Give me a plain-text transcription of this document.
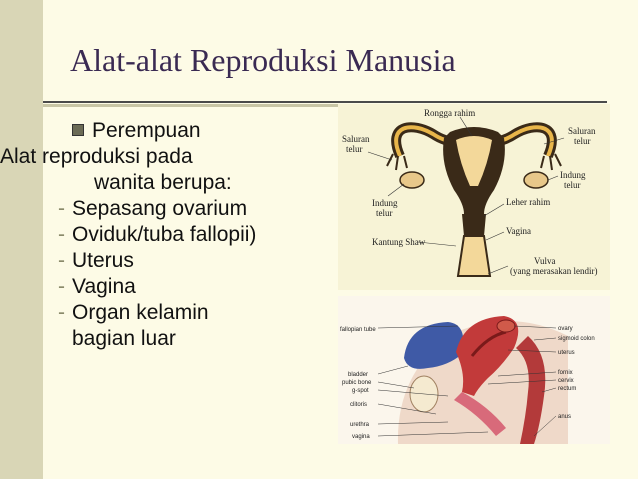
Alat-alat Reproduksi Manusia
Perempuan
Alat reproduksi pada
wanita berupa:
- Sepasang ovarium
- Oviduk/tuba fallopii)
- Uterus
- Vagina
- Organ kelamin
bagian luar
Rongga rahim
Saluran
telur
Saluran
telur
Indung
telur
Indung
telur
Leher rahim
Kantung Shaw
Vagina
Vulva
(yang merasakan lendir)
fallopian tube	ovary
sigmoid colon
uterus
fornix
cervix
rectum
bladder
pubic bone
g-spot
clitoris
urethra
vagina
anus
